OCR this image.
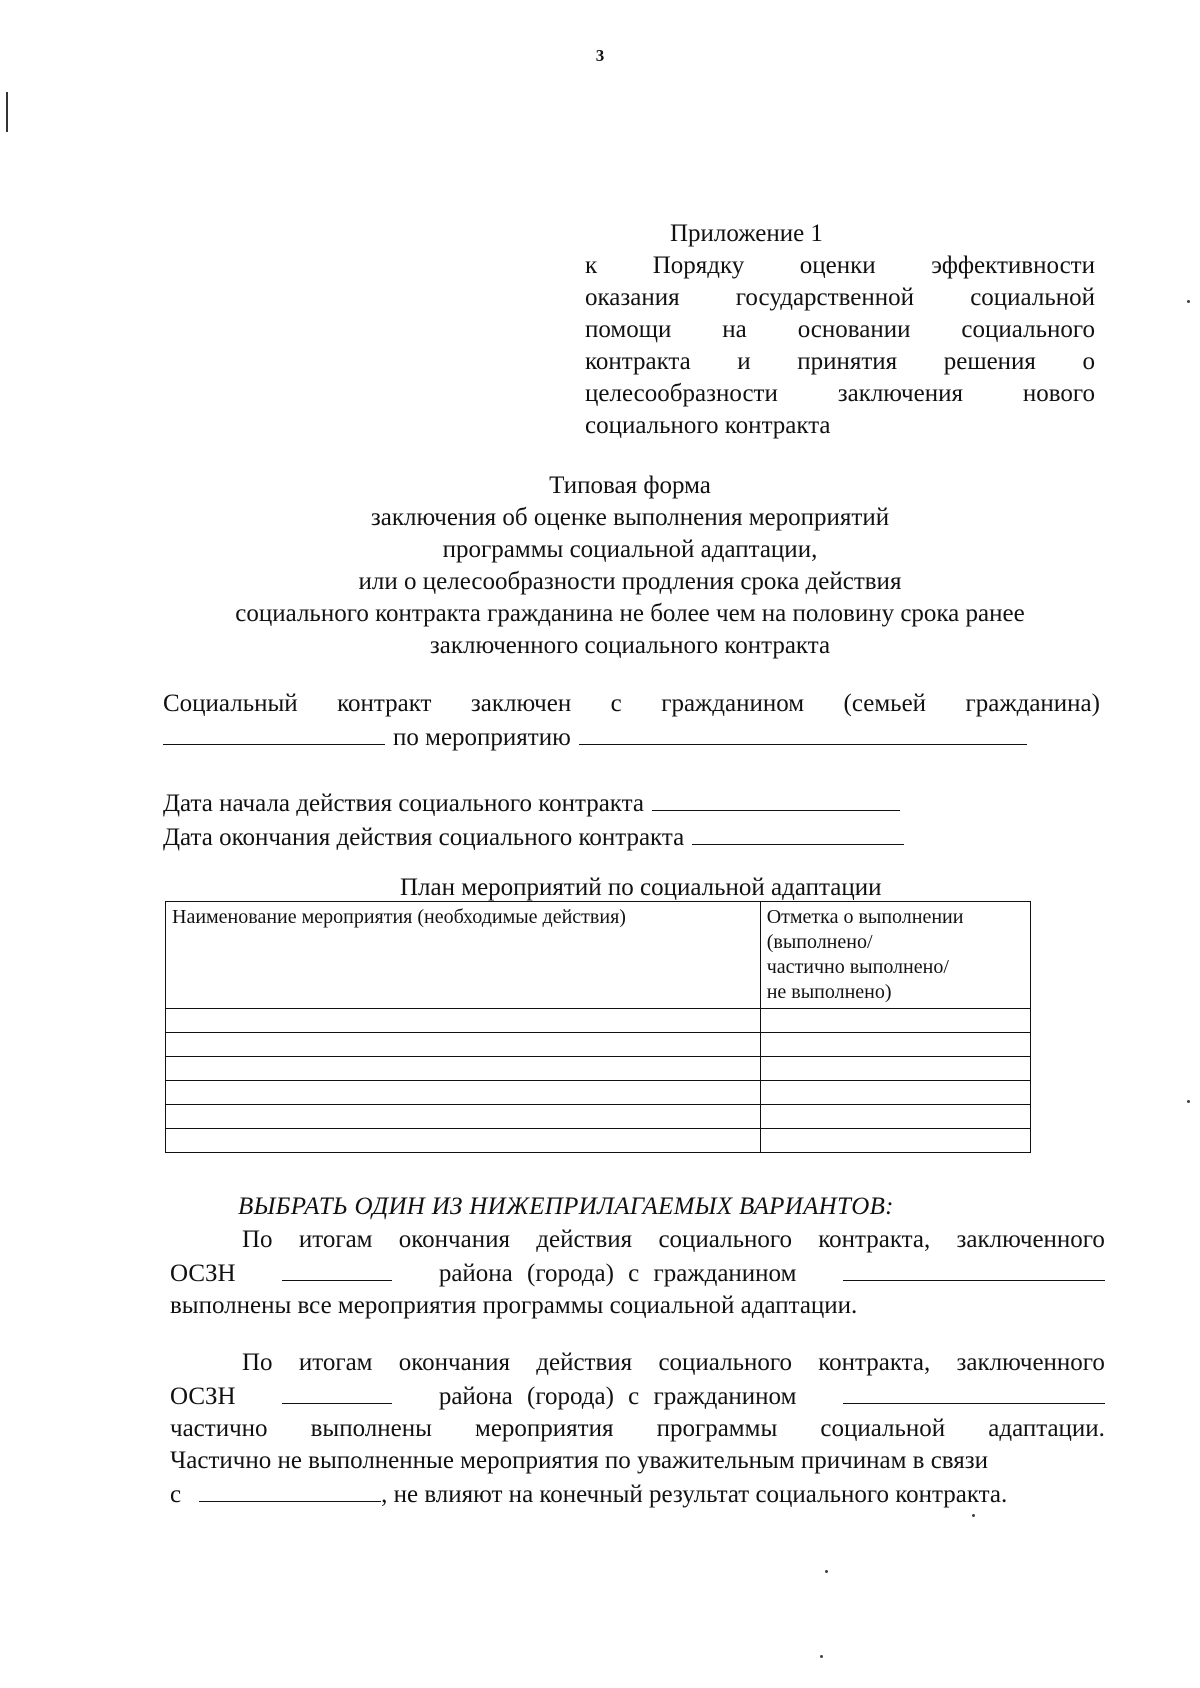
3
Приложение 1
к Порядку оценки эффективности
оказания государственной социальной
помощи на основании социального
контракта и принятия решения о
целесообразности заключения нового
социального контракта
Типовая форма
заключения об оценке выполнения мероприятий
программы социальной адаптации,
или о целесообразности продления срока действия
социального контракта гражданина не более чем на половину срока ранее
заключенного социального контракта
Социальный контракт заключен с гражданином (семьей гражданина)
по мероприятию
Дата начала действия социального контракта
Дата окончания действия социального контракта
План мероприятий по социальной адаптации
Наименование мероприятия (необходимые действия)	Отметка о выполнении
(выполнено/
частично выполнено/
не выполнено)

ВЫБРАТЬ ОДИН ИЗ НИЖЕПРИЛАГАЕМЫХ ВАРИАНТОВ:
По итогам окончания действия социального контракта, заключенного
ОСЗН	района (города) с гражданином
выполнены все мероприятия программы социальной адаптации.
По итогам окончания действия социального контракта, заключенного
ОСЗН	района (города) с гражданином
частично выполнены мероприятия программы социальной адаптации.
Частично не выполненные мероприятия по уважительным причинам в связи
с	, не влияют на конечный результат социального контракта.
